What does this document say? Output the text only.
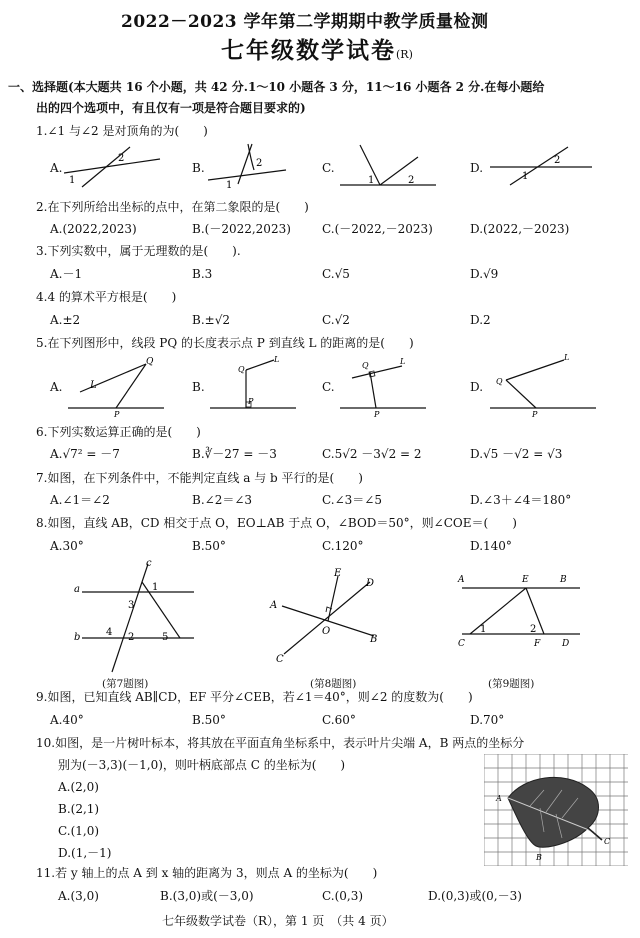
2022－2023 学年第二学期期中教学质量检测
七年级数学试卷(R)
一、选择题(本大题共 16 个小题，共 42 分.1～10 小题各 3 分，11～16 小题各 2 分.在每小题给
出的四个选项中，有且仅有一项是符合题目要求的)
1.∠1 与∠2 是对顶角的为(　　)
A.	B.	C.	D.
1
2
1
2
1	2	1
2
2.在下列所给出坐标的点中，在第二象限的是(　　)
A.(2022,2023)	B.(－2022,2023)	C.(－2022,－2023)	D.(2022,－2023)
3.下列实数中，属于无理数的是(　　).
A.－1	B.3	C.√5	D.√9
4.4 的算术平方根是(　　)
A.±2	B.±√2	C.√2	D.2
5.在下列图形中，线段 PQ 的长度表示点 P 到直线 L 的距离的是(　　)
A.	B.	C.	D.
Q
L
P
Q
L
P
Q	L
P
Q
L
P
6.下列实数运算正确的是(　　)
A.√7² = －7	B.∛－27 = －3	C.5√2 －3√2 = 2	D.√5 －√2 = √3
7.如图，在下列条件中，不能判定直线 a 与 b 平行的是(　　)
A.∠1＝∠2	B.∠2＝∠3	C.∠3＝∠5	D.∠3＋∠4＝180°
8.如图，直线 AB，CD 相交于点 O，EO⊥AB 于点 O，∠BOD＝50°，则∠COE＝(　　)
A.30°	B.50°	C.120°	D.140°
a
b
c
1
3
4 2	5
(第7题图)
A
B
C
D
E
O
(第8题图)
A	E	B
C
1	2
F D
(第9题图)
9.如图，已知直线 AB∥CD，EF 平分∠CEB，若∠1＝40°，则∠2 的度数为(　　)
A.40°	B.50°	C.60°	D.70°
10.如图，是一片树叶标本，将其放在平面直角坐标系中，表示叶片尖端 A，B 两点的坐标分
别为(－3,3)(－1,0)，则叶柄底部点 C 的坐标为(　　)
A.(2,0)
B.(2,1)
C.(1,0)
D.(1,－1)
A
B
C
11.若 y 轴上的点 A 到 x 轴的距离为 3，则点 A 的坐标为(　　)
A.(3,0)	B.(3,0)或(－3,0)	C.(0,3)	D.(0,3)或(0,－3)
七年级数学试卷（R），第 1 页　（共 4 页）
